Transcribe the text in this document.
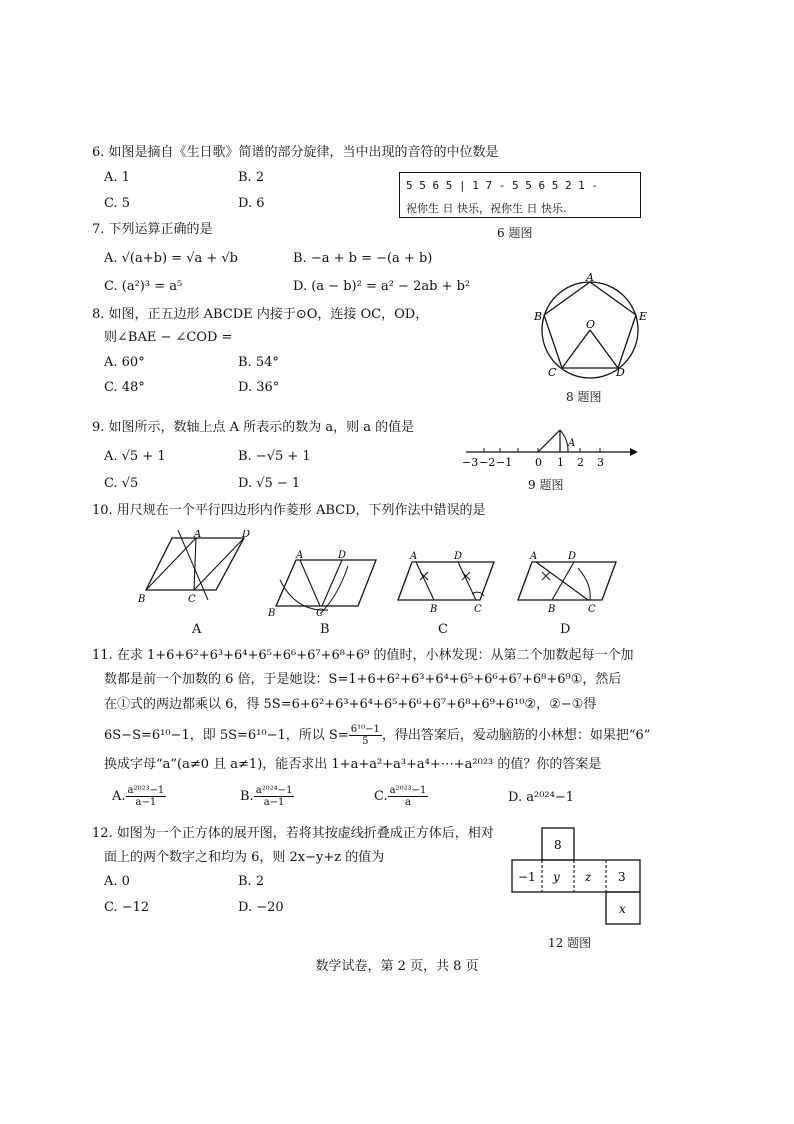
6. 如图是摘自《生日歌》简谱的部分旋律，当中出现的音符的中位数是
A. 1	B. 2
C. 5	D. 6
5 5 6 5 | 1 7 - 5 5 6 5 2 1 -
祝你生 日 快乐，祝你生 日 快乐.
6 题图
7. 下列运算正确的是
A. √(a+b) = √a + √b	B. −a + b = −(a + b)
C. (a²)³ = a⁵	D. (a − b)² = a² − 2ab + b²
8. 如图，正五边形 ABCDE 内接于⊙O，连接 OC，OD，
则∠BAE − ∠COD =
A. 60°	B. 54°
C. 48°	D. 36°
A
B
C	D
E
O
8 题图
9. 如图所示，数轴上点 A 所表示的数为 a，则 a 的值是
A. √5 + 1	B. −√5 + 1
C. √5	D. √5 − 1
−3 −2 −1 0 1 2 3
A
9 题图
10. 用尺规在一个平行四边形内作菱形 ABCD，下列作法中错误的是
A
B	C
D
A
B	C
D	A
B	C
D	A
B	C
D
A	B	C	D
11. 在求 1+6+6²+6³+6⁴+6⁵+6⁶+6⁷+6⁸+6⁹ 的值时，小林发现：从第二个加数起每一个加
数都是前一个加数的 6 倍，于是她设：S=1+6+6²+6³+6⁴+6⁵+6⁶+6⁷+6⁸+6⁹①，然后
在①式的两边都乘以 6，得 5S=6+6²+6³+6⁴+6⁵+6⁶+6⁷+6⁸+6⁹+6¹⁰②，②−①得
6S−S=6¹⁰−1，即 5S=6¹⁰−1，所以 $S= \frac{\text{6¹⁰−1}}{5}$ ，得出答案后，爱动脑筋的小林想：如果把“6”
换成字母“a”(a≠0 且 a≠1)，能否求出 1+a+a²+a³+a⁴+⋯+a²⁰²³ 的值？你的答案是
A. $\frac{\text{a²⁰²³−1}}{a-1}$	B. $\frac{\text{a²⁰²⁴−1}}{a-1}$	C. $\frac{\text{a²⁰²³−1}}{a}$	D. a²⁰²⁴−1
12. 如图为一个正方体的展开图，若将其按虚线折叠成正方体后，相对
面上的两个数字之和均为 6，则 2x−y+z 的值为
A. 0	B. 2
C. −12	D. −20
8
−1 y z 3
x
12 题图
数学试卷，第 2 页，共 8 页
